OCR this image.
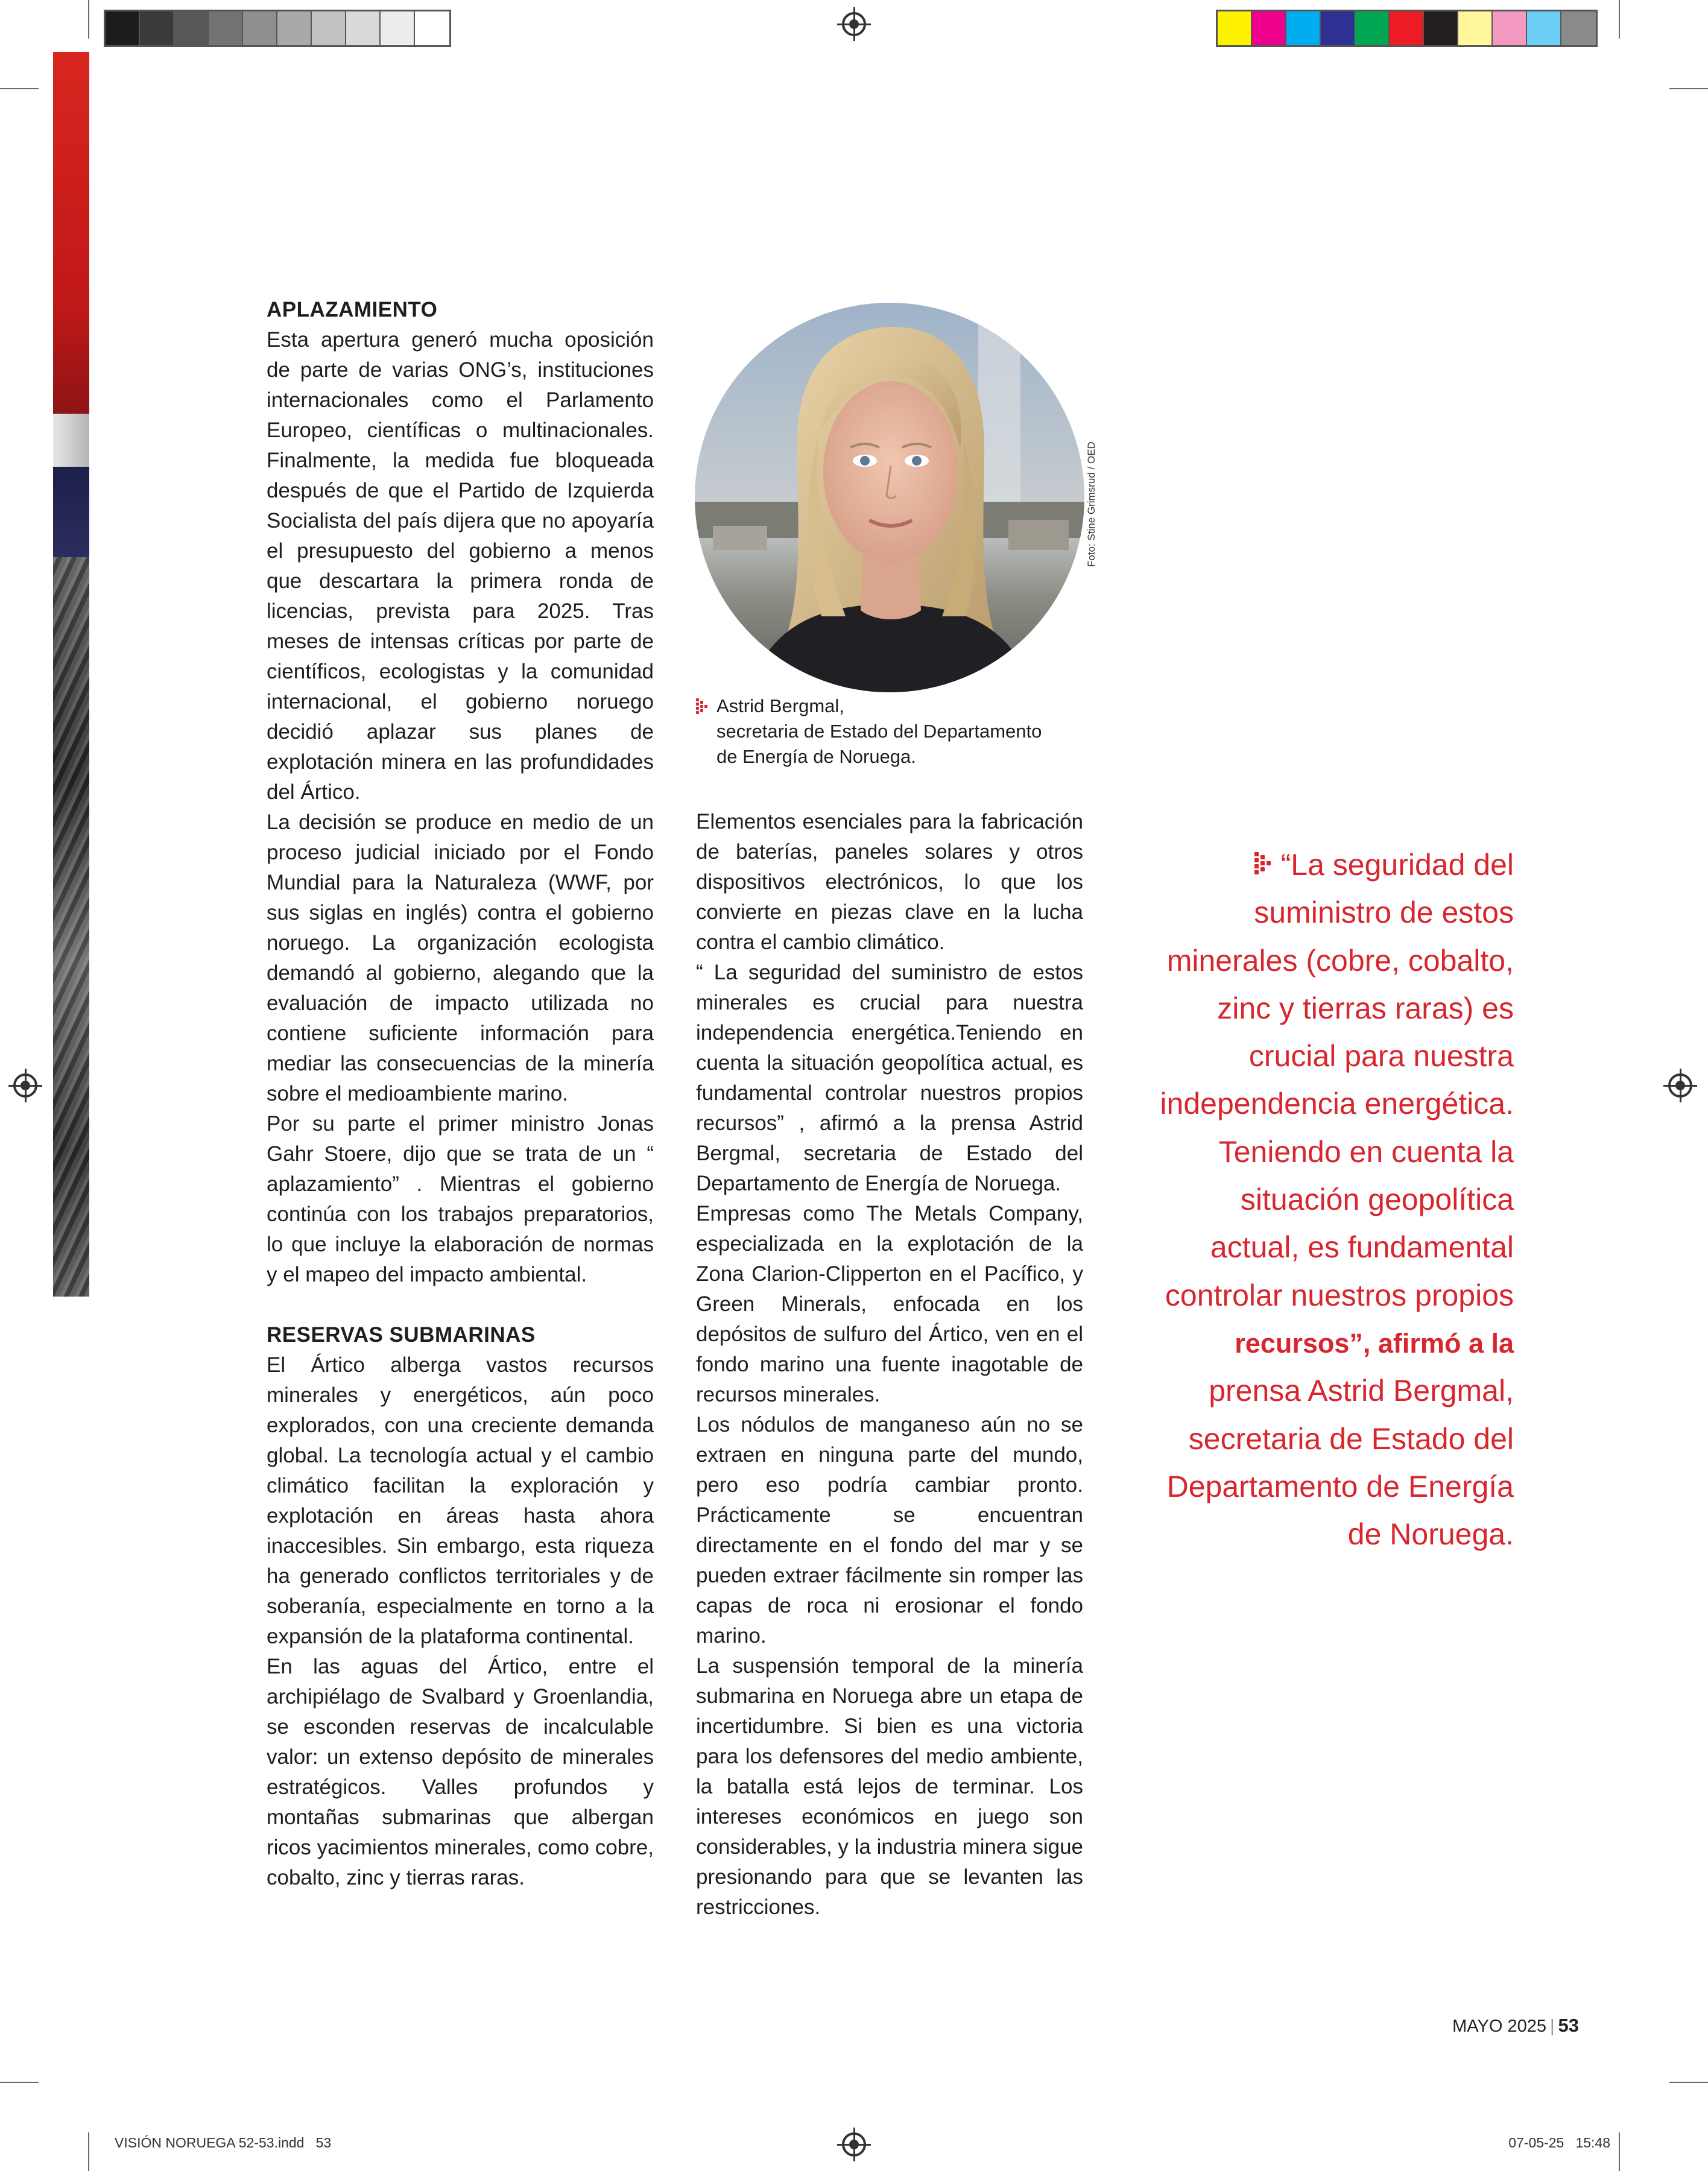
APLAZAMIENTO

Esta apertura generó mucha oposición de parte de varias ONG’s, instituciones internacionales como el Parlamento Europeo, científicas o multinacionales. Finalmente, la medida fue bloqueada después de que el Partido de Izquierda Socialista del país dijera que no apoyaría el presupuesto del gobierno a menos que descartara la primera ronda de licencias, prevista para 2025. Tras meses de intensas críticas por parte de científicos, ecologistas y la comunidad internacional, el gobierno noruego decidió aplazar sus planes de explotación minera en las profundidades del Ártico.

La decisión se produce en medio de un proceso judicial iniciado por el Fondo Mundial para la Naturaleza (WWF, por sus siglas en inglés) contra el gobierno noruego. La organización ecologista demandó al gobierno, alegando que la evaluación de impacto utilizada no contiene suficiente información para mediar las consecuencias de la minería sobre el medioambiente marino.

Por su parte el primer ministro Jonas Gahr Stoere, dijo que se trata de un “ aplazamiento” . Mientras el gobierno continúa con los trabajos preparatorios, lo que incluye la elaboración de normas y el mapeo del impacto ambiental.

RESERVAS SUBMARINAS

El Ártico alberga vastos recursos minerales y energéticos, aún poco explorados, con una creciente demanda global. La tecnología actual y el cambio climático facilitan la exploración y explotación en áreas hasta ahora inaccesibles. Sin embargo, esta riqueza ha generado conflictos territoriales y de soberanía, especialmente en torno a la expansión de la plataforma continental.

En las aguas del Ártico, entre el archipiélago de Svalbard y Groenlandia, se esconden reservas de incalculable valor: un extenso depósito de minerales estratégicos. Valles profundos y montañas submarinas que albergan ricos yacimientos minerales, como cobre, cobalto, zinc y tierras raras.

Foto: Stine Grimsrud / OED
Astrid Bergmal,
secretaria de Estado del Departamento
de Energía de Noruega.

Elementos esenciales para la fabricación de baterías, paneles solares y otros dispositivos electrónicos, lo que los convierte en piezas clave en la lucha contra el cambio climático.

“ La seguridad del suministro de estos minerales es crucial para nuestra independencia energética.Teniendo en cuenta la situación geopolítica actual, es fundamental controlar nuestros propios recursos” , afirmó a la prensa Astrid Bergmal, secretaria de Estado del Departamento de Energía de Noruega.

Empresas como The Metals Company, especializada en la explotación de la Zona Clarion-Clipperton en el Pacífico, y Green Minerals, enfocada en los depósitos de sulfuro del Ártico, ven en el fondo marino una fuente inagotable de recursos minerales.

Los nódulos de manganeso aún no se extraen en ninguna parte del mundo, pero eso podría cambiar pronto. Prácticamente se encuentran directamente en el fondo del mar y se pueden extraer fácilmente sin romper las capas de roca ni erosionar el fondo marino.

La suspensión temporal de la minería submarina en Noruega abre un etapa de incertidumbre. Si bien es una victoria para los defensores del medio ambiente, la batalla está lejos de terminar. Los intereses económicos en juego son considerables, y la industria minera sigue presionando para que se levanten las restricciones.

“La seguridad del
suministro de estos
minerales (cobre, cobalto,
zinc y tierras raras) es
crucial para nuestra
independencia energética.
Teniendo en cuenta la
situación geopolítica
actual, es fundamental
controlar nuestros propios
recursos”, afirmó a la
prensa Astrid Bergmal,
secretaria de Estado del
Departamento de Energía
de Noruega.
MAYO 2025 | 53
VISIÓN NORUEGA 52-53.indd   53	07-05-25   15:48
